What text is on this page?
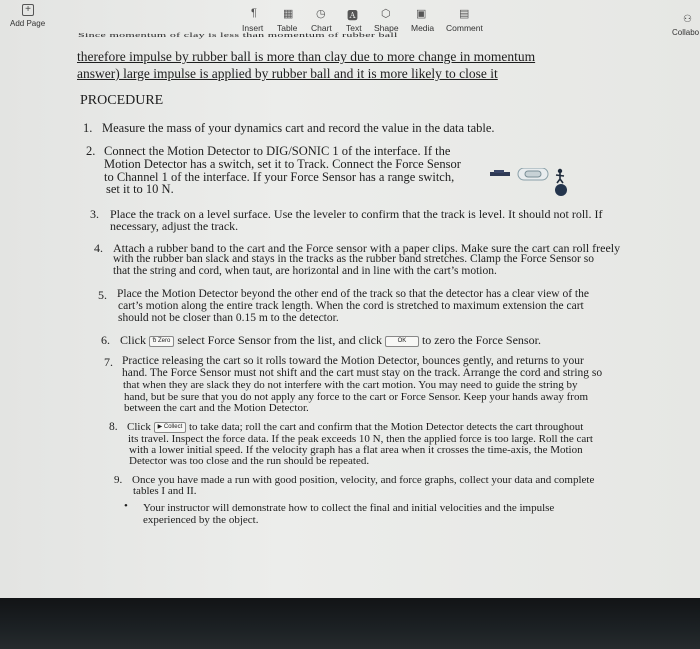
Since momentum of clay is less than momentum of rubber ball
therefore impulse by rubber ball is more than clay due to more change in momentum
answer) large impulse is applied by rubber ball and it is more likely to close it
PROCEDURE
1. Measure the mass of your dynamics cart and record the value in the data table.
2. Connect the Motion Detector to DIG/SONIC 1 of the interface. If the
Motion Detector has a switch, set it to Track. Connect the Force Sensor
to Channel 1 of the interface. If your Force Sensor has a range switch,
set it to 10 N.
3. Place the track on a level surface. Use the leveler to confirm that the track is level. It should not roll. If
necessary, adjust the track.
4. Attach a rubber band to the cart and the Force sensor with a paper clips. Make sure the cart can roll freely
with the rubber ban slack and stays in the tracks as the rubber band stretches. Clamp the Force Sensor so
that the string and cord, when taut, are horizontal and in line with the cart’s motion.
5. Place the Motion Detector beyond the other end of the track so that the detector has a clear view of the
cart’s motion along the entire track length. When the cord is stretched to maximum extension the cart
should not be closer than 0.15 m to the detector.
6. Click ᵬ Zero select Force Sensor from the list, and click	OK to zero the Force Sensor.
7. Practice releasing the cart so it rolls toward the Motion Detector, bounces gently, and returns to your
hand. The Force Sensor must not shift and the cart must stay on the track. Arrange the cord and string so
that when they are slack they do not interfere with the cart motion. You may need to guide the string by
hand, but be sure that you do not apply any force to the cart or Force Sensor. Keep your hands away from
between the cart and the Motion Detector.
8. Click ▶ Collect to take data; roll the cart and confirm that the Motion Detector detects the cart throughout
its travel. Inspect the force data. If the peak exceeds 10 N, then the applied force is too large. Roll the cart
with a lower initial speed. If the velocity graph has a flat area when it crosses the time-axis, the Motion
Detector was too close and the run should be repeated.
9. Once you have made a run with good position, velocity, and force graphs, collect your data and complete
tables I and II.
• Your instructor will demonstrate how to collect the final and initial velocities and the impulse
experienced by the object.
+
Add Page
¶ ▦ ◷ 🅰 ⬡ ▣	▤
Insert Table Chart Text Shape Media Comment
⚇
Collabo
